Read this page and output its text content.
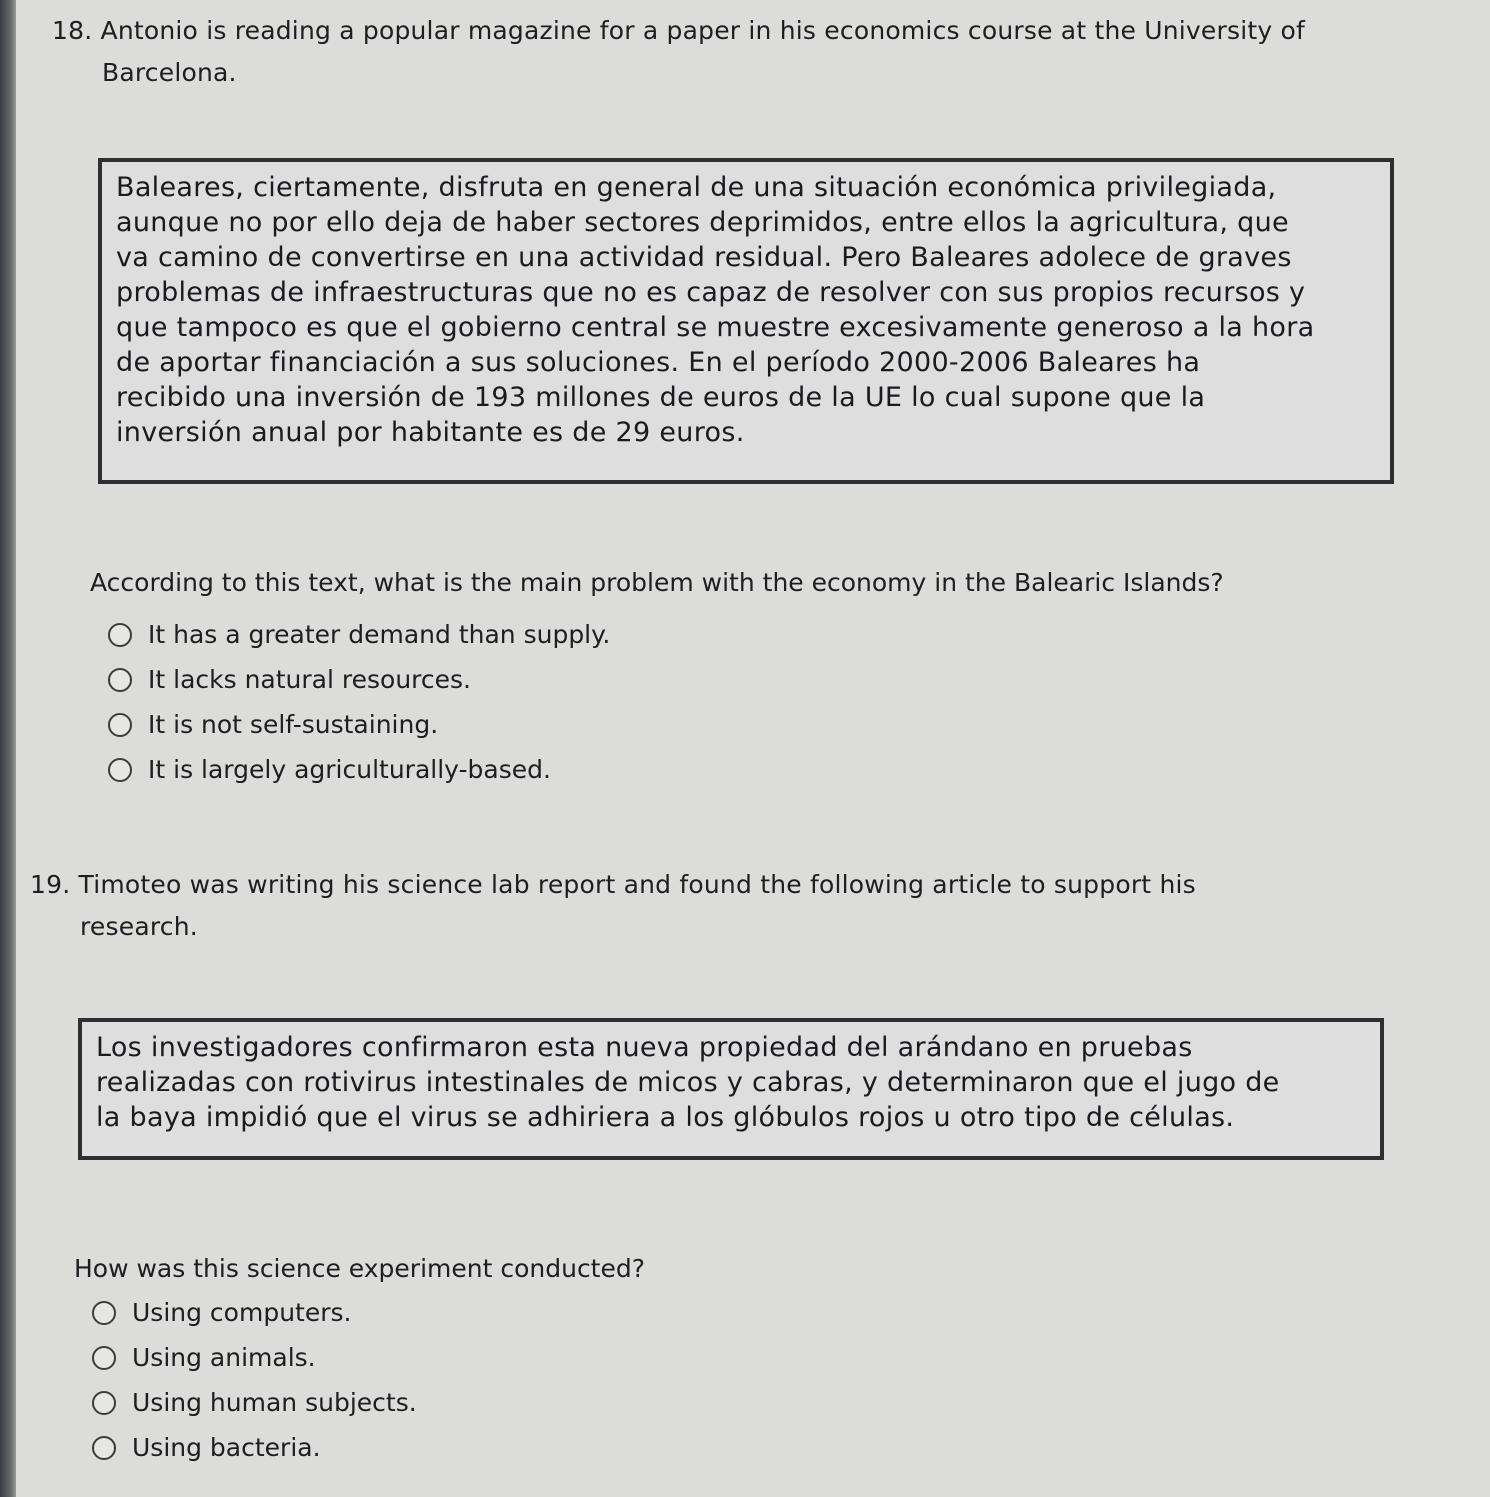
18. Antonio is reading a popular magazine for a paper in his economics course at the University of
Barcelona.

Baleares, ciertamente, disfruta en general de una situación económica privilegiada,

aunque no por ello deja de haber sectores deprimidos, entre ellos la agricultura, que

va camino de convertirse en una actividad residual. Pero Baleares adolece de graves

problemas de infraestructuras que no es capaz de resolver con sus propios recursos y

que tampoco es que el gobierno central se muestre excesivamente generoso a la hora

de aportar financiación a sus soluciones. En el período 2000-2006 Baleares ha

recibido una inversión de 193 millones de euros de la UE lo cual supone que la

inversión anual por habitante es de 29 euros.

According to this text, what is the main problem with the economy in the Balearic Islands?
It has a greater demand than supply.
It lacks natural resources.
It is not self-sustaining.
It is largely agriculturally-based.
19. Timoteo was writing his science lab report and found the following article to support his
research.

Los investigadores confirmaron esta nueva propiedad del arándano en pruebas

realizadas con rotivirus intestinales de micos y cabras, y determinaron que el jugo de

la baya impidió que el virus se adhiriera a los glóbulos rojos u otro tipo de células.

How was this science experiment conducted?
Using computers.
Using animals.
Using human subjects.
Using bacteria.
